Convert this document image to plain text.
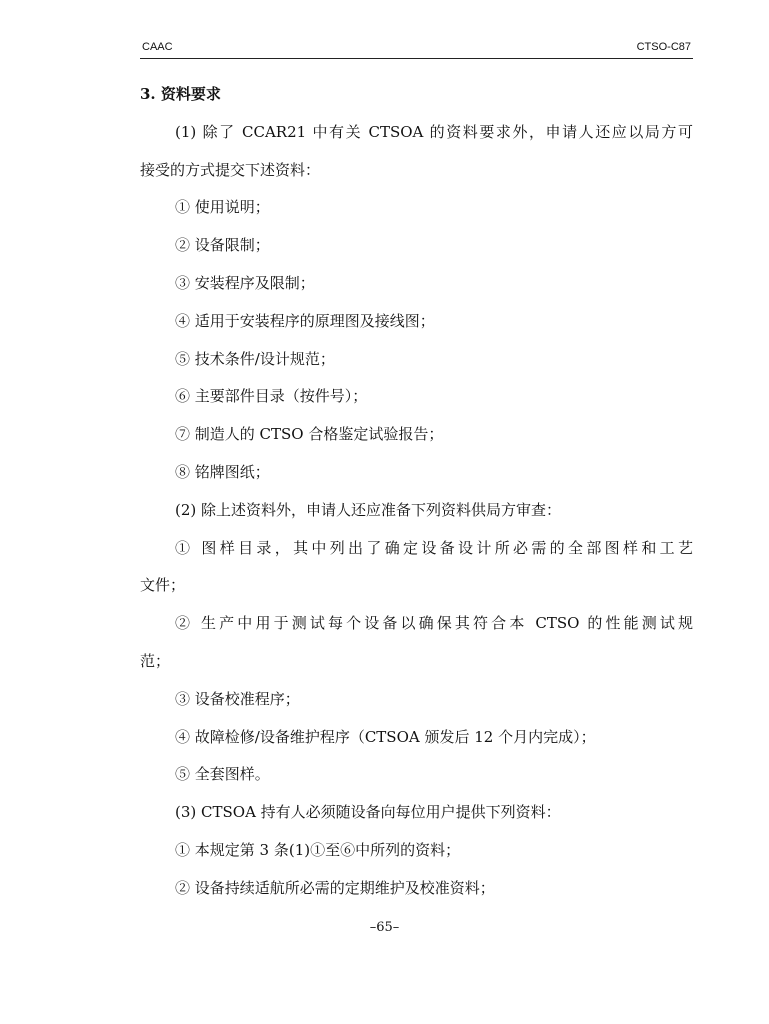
CAAC	CTSO-C87
3. 资料要求
(1) 除了 CCAR21 中有关 CTSOA 的资料要求外，申请人还应以局方可
接受的方式提交下述资料：
① 使用说明；
② 设备限制；
③ 安装程序及限制；
④ 适用于安装程序的原理图及接线图；
⑤ 技术条件/设计规范；
⑥ 主要部件目录（按件号）；
⑦ 制造人的 CTSO 合格鉴定试验报告；
⑧ 铭牌图纸；
(2) 除上述资料外，申请人还应准备下列资料供局方审查：
① 图样目录，其中列出了确定设备设计所必需的全部图样和工艺
文件；
② 生产中用于测试每个设备以确保其符合本 CTSO 的性能测试规
范；
③ 设备校准程序；
④ 故障检修/设备维护程序（CTSOA 颁发后 12 个月内完成）；
⑤ 全套图样。
(3) CTSOA 持有人必须随设备向每位用户提供下列资料：
① 本规定第 3 条(1)①至⑥中所列的资料；
② 设备持续适航所必需的定期维护及校准资料；
–65–
